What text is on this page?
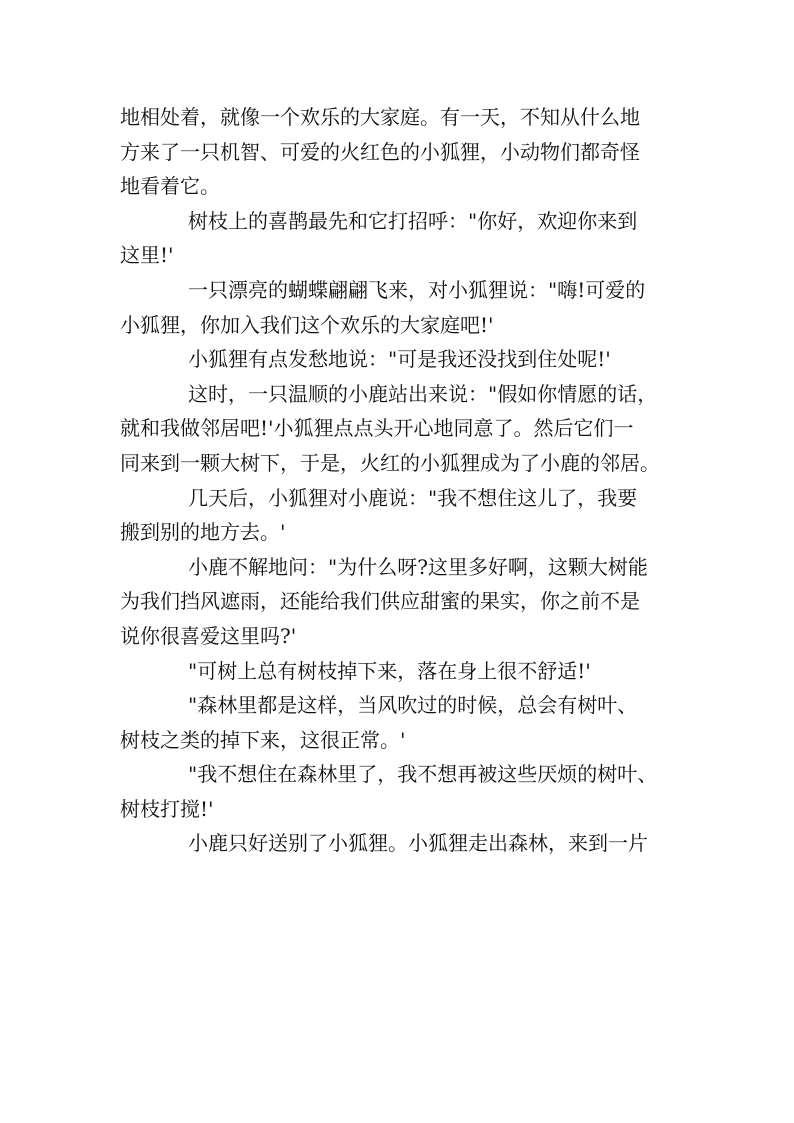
地相处着，就像一个欢乐的大家庭。有一天，不知从什么地
方来了一只机智、可爱的火红色的小狐狸，小动物们都奇怪
地看着它。
树枝上的喜鹊最先和它打招呼："你好，欢迎你来到
这里!'
一只漂亮的蝴蝶翩翩飞来，对小狐狸说："嗨!可爱的
小狐狸，你加入我们这个欢乐的大家庭吧!'
小狐狸有点发愁地说："可是我还没找到住处呢!'
这时，一只温顺的小鹿站出来说："假如你情愿的话，
就和我做邻居吧!'小狐狸点点头开心地同意了。然后它们一
同来到一颗大树下，于是，火红的小狐狸成为了小鹿的邻居。
几天后，小狐狸对小鹿说："我不想住这儿了，我要
搬到别的地方去。'
小鹿不解地问："为什么呀?这里多好啊，这颗大树能
为我们挡风遮雨，还能给我们供应甜蜜的果实，你之前不是
说你很喜爱这里吗?'
"可树上总有树枝掉下来，落在身上很不舒适!'
"森林里都是这样，当风吹过的时候，总会有树叶、
树枝之类的掉下来，这很正常。'
"我不想住在森林里了，我不想再被这些厌烦的树叶、
树枝打搅!'
小鹿只好送别了小狐狸。小狐狸走出森林，来到一片
